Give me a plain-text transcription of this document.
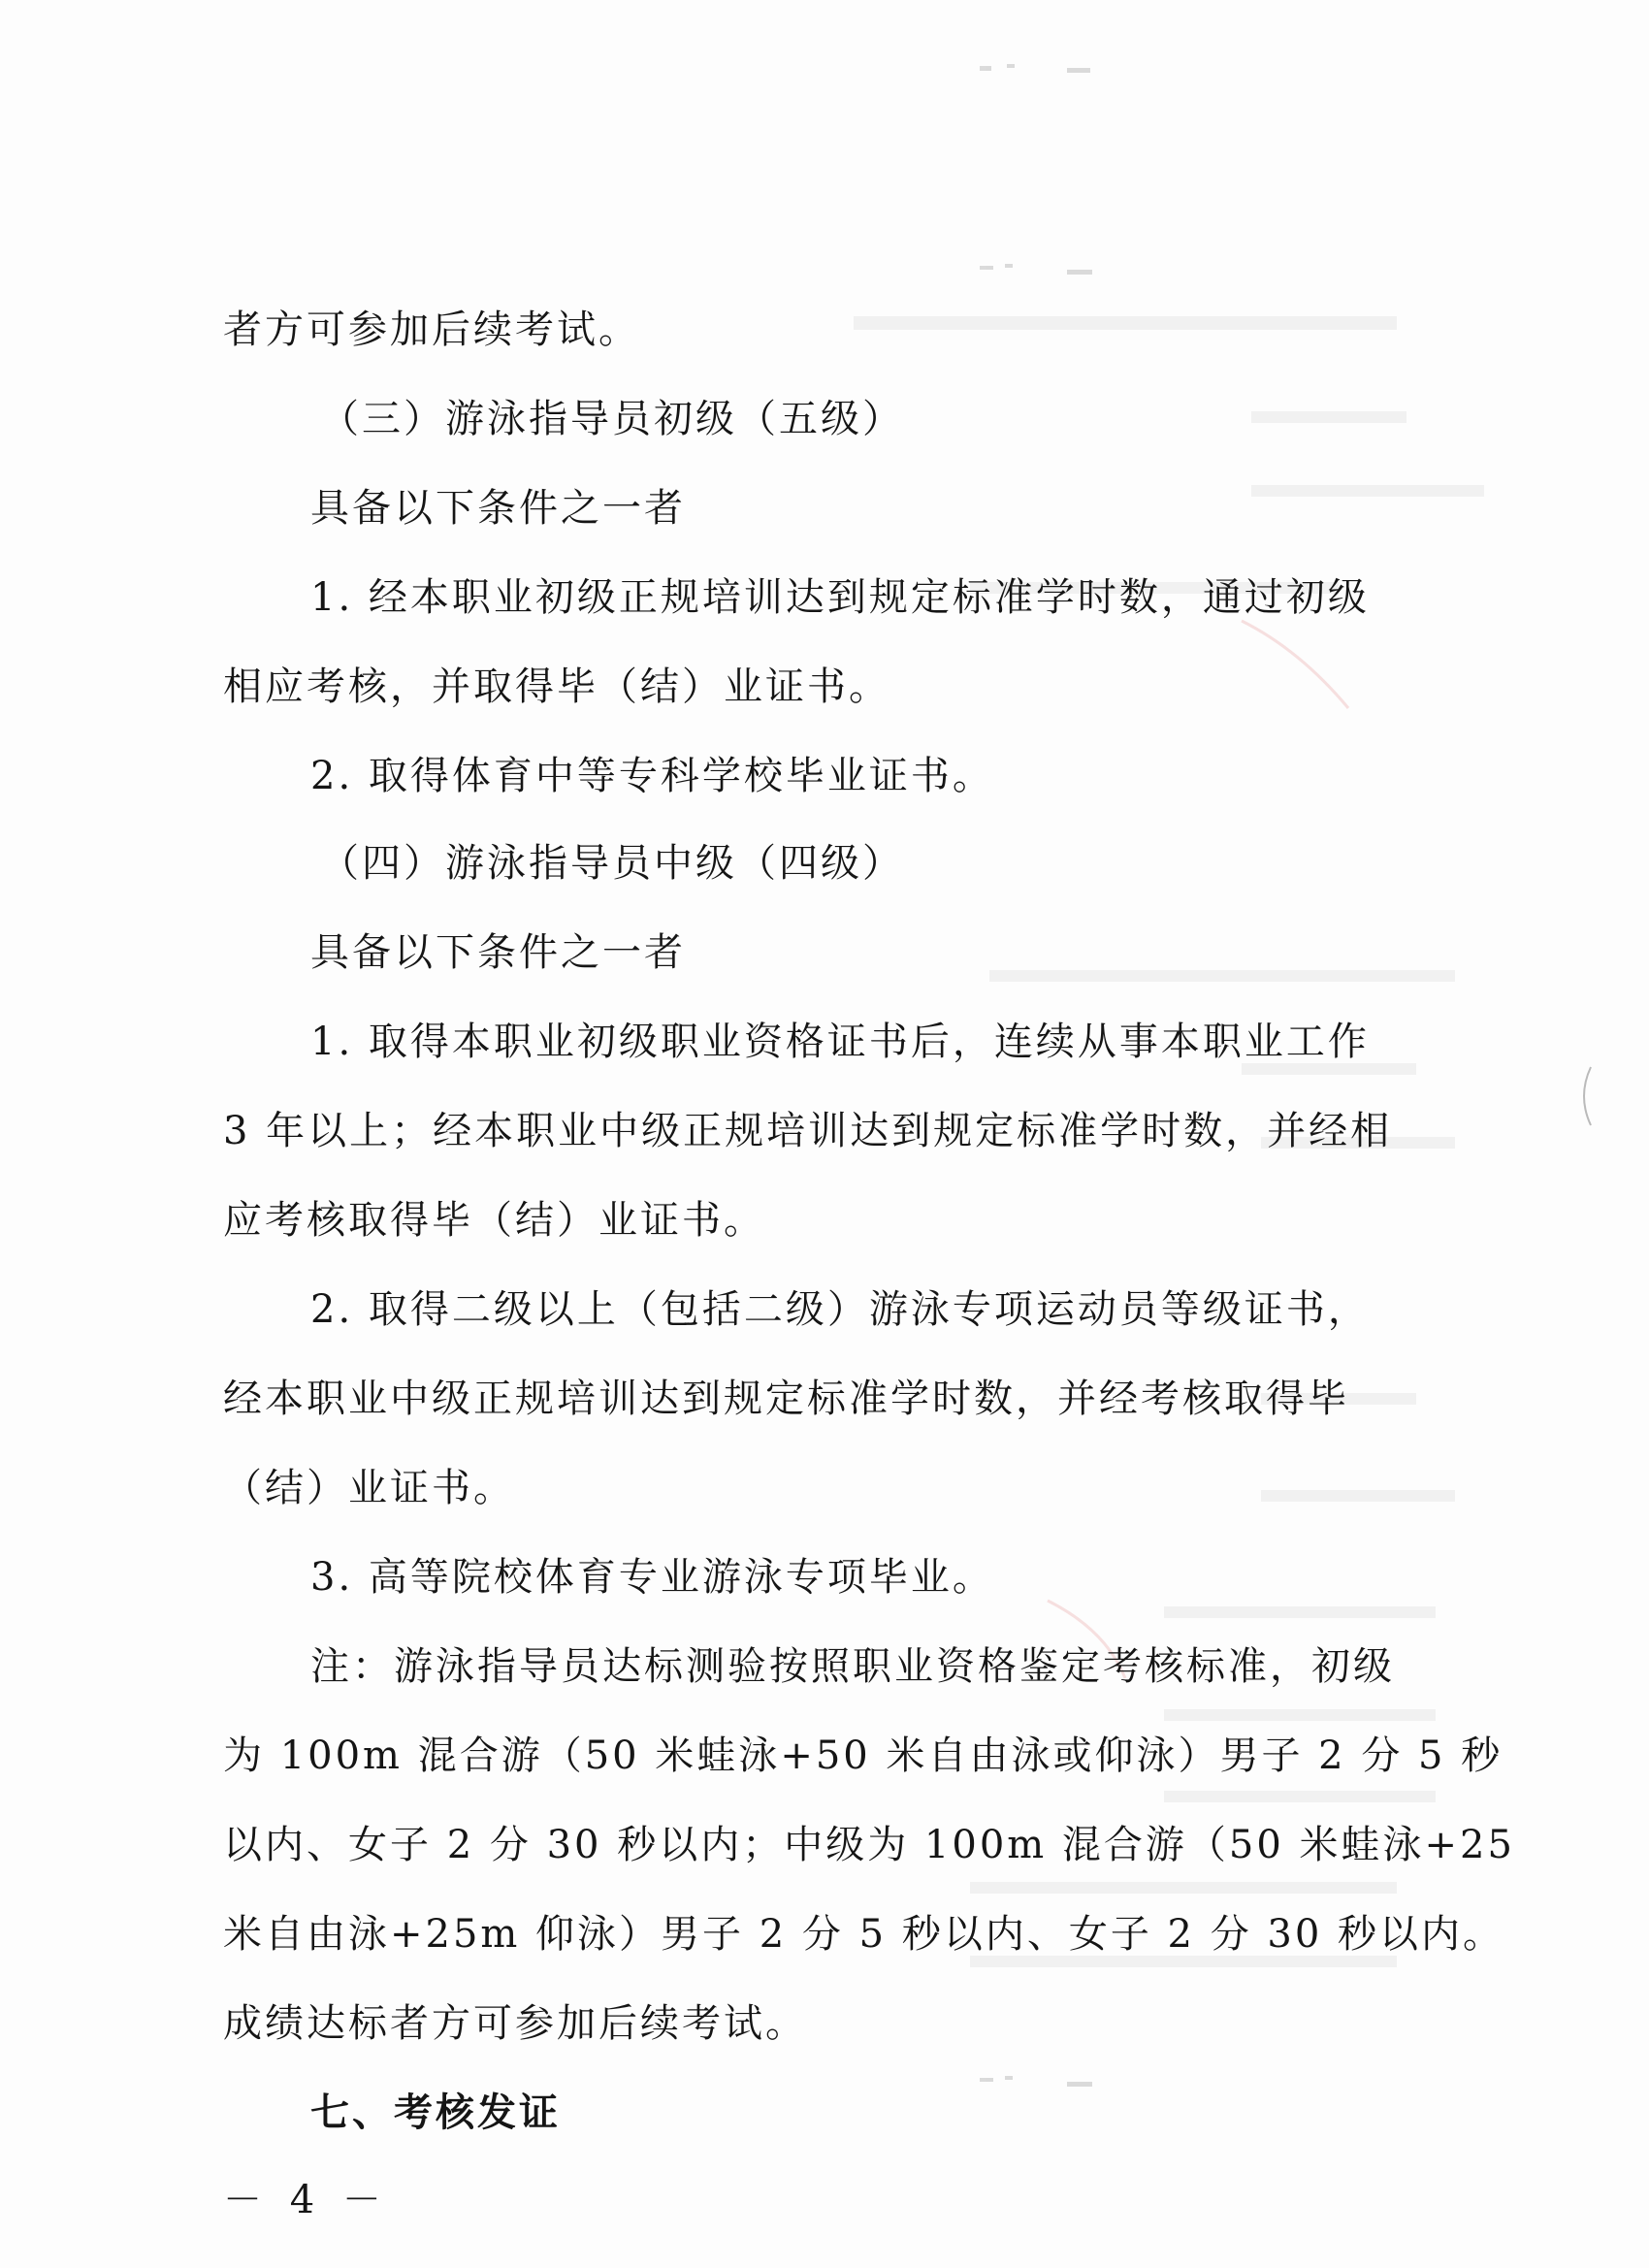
者方可参加后续考试。
（三）游泳指导员初级（五级）
具备以下条件之一者
1. 经本职业初级正规培训达到规定标准学时数，通过初级
相应考核，并取得毕（结）业证书。
2. 取得体育中等专科学校毕业证书。
（四）游泳指导员中级（四级）
具备以下条件之一者
1. 取得本职业初级职业资格证书后，连续从事本职业工作
3 年以上；经本职业中级正规培训达到规定标准学时数，并经相
应考核取得毕（结）业证书。
2. 取得二级以上（包括二级）游泳专项运动员等级证书，
经本职业中级正规培训达到规定标准学时数，并经考核取得毕
（结）业证书。
3. 高等院校体育专业游泳专项毕业。
注：游泳指导员达标测验按照职业资格鉴定考核标准，初级
为 100m 混合游（50 米蛙泳+50 米自由泳或仰泳）男子 2 分 5 秒
以内、女子 2 分 30 秒以内；中级为 100m 混合游（50 米蛙泳+25
米自由泳+25m 仰泳）男子 2 分 5 秒以内、女子 2 分 30 秒以内。
成绩达标者方可参加后续考试。
七、考核发证
－ 4 －
